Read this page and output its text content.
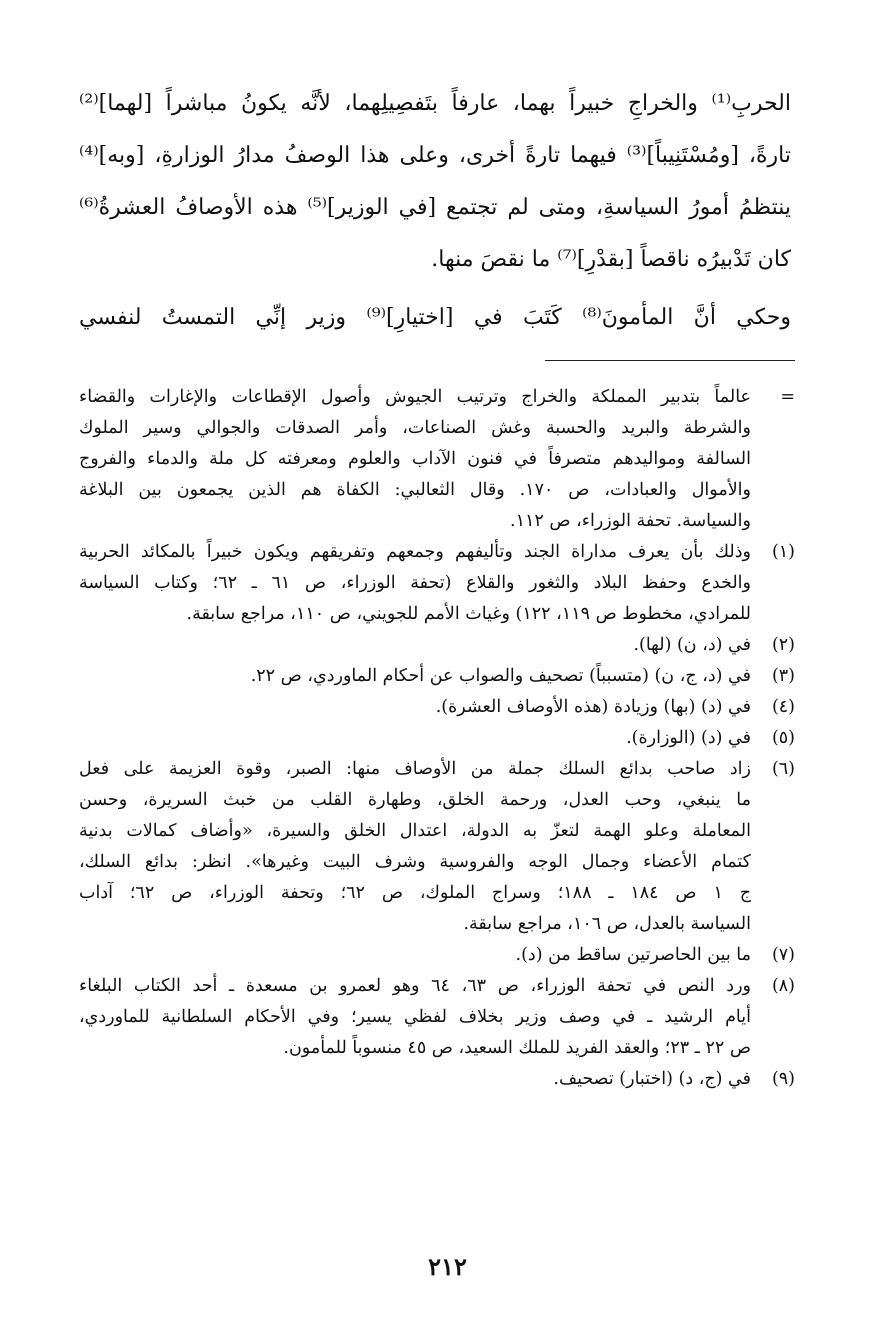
الحربِ⁽¹⁾ والخراجِ خبيراً بهما، عارفاً بتَفصِيلِهما، لأنَّه يكونُ مباشراً [لهما]⁽²⁾
تارةً، [ومُسْتَنِيباً]⁽³⁾ فيهما تارةً أخرى، وعلى هذا الوصفُ مدارُ الوزارةِ، [وبه]⁽⁴⁾
ينتظمُ أمورُ السياسةِ، ومتى لم تجتمع [في الوزير]⁽⁵⁾ هذه الأوصافُ العشرةُ⁽⁶⁾
كان تَدْبيرُه ناقصاً [بقدْرِ]⁽⁷⁾ ما نقصَ منها.
وحكي أنَّ المأمونَ⁽⁸⁾ كَتَبَ في [اختيارِ]⁽⁹⁾ وزير إنِّي التمستُ لنفسي
=
عالماً بتدبير المملكة والخراج وترتيب الجيوش وأصول الإقطاعات والإغارات والقضاء
والشرطة والبريد والحسبة وغش الصناعات، وأمر الصدقات والجوالي وسير الملوك
السالفة ومواليدهم متصرفاً في فنون الآداب والعلوم ومعرفته كل ملة والدماء والفروج
والأموال والعبادات، ص ١٧٠. وقال الثعالبي: الكفاة هم الذين يجمعون بين البلاغة
والسياسة. تحفة الوزراء، ص ١١٢.
(١)
وذلك بأن يعرف مداراة الجند وتأليفهم وجمعهم وتفريقهم ويكون خبيراً بالمكائد الحربية
والخدع وحفظ البلاد والثغور والقلاع (تحفة الوزراء، ص ٦١ ـ ٦٢؛ وكتاب السياسة
للمرادي، مخطوط ص ١١٩، ١٢٢) وغياث الأمم للجويني، ص ١١٠، مراجع سابقة.
(٢)
في (د، ن) (لها).
(٣)
في (د، ج، ن) (متسبباً) تصحيف والصواب عن أحكام الماوردي، ص ٢٢.
(٤)
في (د) (بها) وزيادة (هذه الأوصاف العشرة).
(٥)
في (د) (الوزارة).
(٦)
زاد صاحب بدائع السلك جملة من الأوصاف منها: الصبر، وقوة العزيمة على فعل
ما ينبغي، وحب العدل، ورحمة الخلق، وطهارة القلب من خبث السريرة، وحسن
المعاملة وعلو الهمة لتعزّ به الدولة، اعتدال الخلق والسيرة، «وأضاف كمالات بدنية
كتمام الأعضاء وجمال الوجه والفروسية وشرف البيت وغيرها». انظر: بدائع السلك،
ج ١ ص ١٨٤ ـ ١٨٨؛ وسراج الملوك، ص ٦٢؛ وتحفة الوزراء، ص ٦٢؛ آداب
السياسة بالعدل، ص ١٠٦، مراجع سابقة.
(٧)
ما بين الحاصرتين ساقط من (د).
(٨)
ورد النص في تحفة الوزراء، ص ٦٣، ٦٤ وهو لعمرو بن مسعدة ـ أحد الكتاب البلغاء
أيام الرشيد ـ في وصف وزير بخلاف لفظي يسير؛ وفي الأحكام السلطانية للماوردي،
ص ٢٢ ـ ٢٣؛ والعقد الفريد للملك السعيد، ص ٤٥ منسوباً للمأمون.
(٩)
في (ج، د) (اختبار) تصحيف.
٢١٢
